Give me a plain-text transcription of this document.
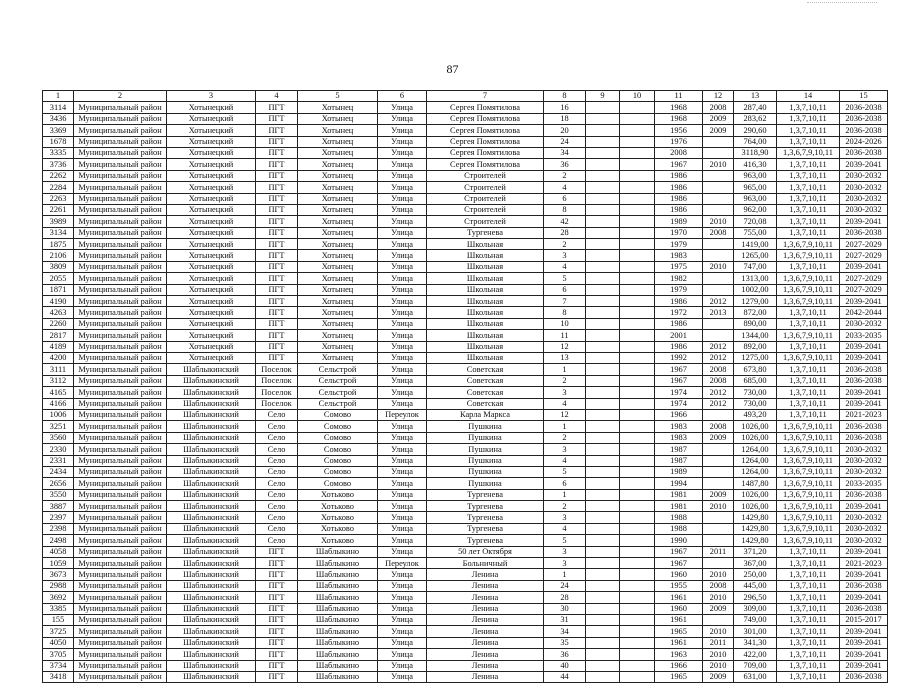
87
1	2	3	4	5	6	7	8	9	10	11	12	13	14	15
3114	Муниципальный район	Хотынецкий	ПГТ	Хотынец	Улица	Сергея Помятилова	16			1968	2008	287,40	1,3,7,10,11	2036-2038
3436	Муниципальный район	Хотынецкий	ПГТ	Хотынец	Улица	Сергея Помятилова	18			1968	2009	283,62	1,3,7,10,11	2036-2038
3369	Муниципальный район	Хотынецкий	ПГТ	Хотынец	Улица	Сергея Помятилова	20			1956	2009	290,60	1,3,7,10,11	2036-2038
1678	Муниципальный район	Хотынецкий	ПГТ	Хотынец	Улица	Сергея Помятилова	24			1976		764,00	1,3,7,10,11	2024-2026
3335	Муниципальный район	Хотынецкий	ПГТ	Хотынец	Улица	Сергея Помятилова	34			2008		3118,90	1,3,6,7,9,10,11	2036-2038
3736	Муниципальный район	Хотынецкий	ПГТ	Хотынец	Улица	Сергея Помятилова	36			1967	2010	416,30	1,3,7,10,11	2039-2041
2262	Муниципальный район	Хотынецкий	ПГТ	Хотынец	Улица	Строителей	2			1986		963,00	1,3,7,10,11	2030-2032
2284	Муниципальный район	Хотынецкий	ПГТ	Хотынец	Улица	Строителей	4			1986		965,00	1,3,7,10,11	2030-2032
2263	Муниципальный район	Хотынецкий	ПГТ	Хотынец	Улица	Строителей	6			1986		963,00	1,3,7,10,11	2030-2032
2261	Муниципальный район	Хотынецкий	ПГТ	Хотынец	Улица	Строителей	8			1986		962,00	1,3,7,10,11	2030-2032
3989	Муниципальный район	Хотынецкий	ПГТ	Хотынец	Улица	Строителей	42			1989	2010	720,08	1,3,7,10,11	2039-2041
3134	Муниципальный район	Хотынецкий	ПГТ	Хотынец	Улица	Тургенева	28			1970	2008	755,00	1,3,7,10,11	2036-2038
1875	Муниципальный район	Хотынецкий	ПГТ	Хотынец	Улица	Школьная	2			1979		1419,00	1,3,6,7,9,10,11	2027-2029
2106	Муниципальный район	Хотынецкий	ПГТ	Хотынец	Улица	Школьная	3			1983		1265,00	1,3,6,7,9,10,11	2027-2029
3809	Муниципальный район	Хотынецкий	ПГТ	Хотынец	Улица	Школьная	4			1975	2010	747,00	1,3,7,10,11	2039-2041
2055	Муниципальный район	Хотынецкий	ПГТ	Хотынец	Улица	Школьная	5			1982		1313,00	1,3,6,7,9,10,11	2027-2029
1871	Муниципальный район	Хотынецкий	ПГТ	Хотынец	Улица	Школьная	6			1979		1002,00	1,3,6,7,9,10,11	2027-2029
4190	Муниципальный район	Хотынецкий	ПГТ	Хотынец	Улица	Школьная	7			1986	2012	1279,00	1,3,6,7,9,10,11	2039-2041
4263	Муниципальный район	Хотынецкий	ПГТ	Хотынец	Улица	Школьная	8			1972	2013	872,00	1,3,7,10,11	2042-2044
2260	Муниципальный район	Хотынецкий	ПГТ	Хотынец	Улица	Школьная	10			1986		890,00	1,3,7,10,11	2030-2032
2817	Муниципальный район	Хотынецкий	ПГТ	Хотынец	Улица	Школьная	11			2001		1344,00	1,3,6,7,9,10,11	2033-2035
4189	Муниципальный район	Хотынецкий	ПГТ	Хотынец	Улица	Школьная	12			1986	2012	892,00	1,3,7,10,11	2039-2041
4200	Муниципальный район	Хотынецкий	ПГТ	Хотынец	Улица	Школьная	13			1992	2012	1275,00	1,3,6,7,9,10,11	2039-2041
3111	Муниципальный район	Шаблыкинский	Поселок	Сельстрой	Улица	Советская	1			1967	2008	673,80	1,3,7,10,11	2036-2038
3112	Муниципальный район	Шаблыкинский	Поселок	Сельстрой	Улица	Советская	2			1967	2008	685,00	1,3,7,10,11	2036-2038
4165	Муниципальный район	Шаблыкинский	Поселок	Сельстрой	Улица	Советская	3			1974	2012	730,00	1,3,7,10,11	2039-2041
4166	Муниципальный район	Шаблыкинский	Поселок	Сельстрой	Улица	Советская	4			1974	2012	730,00	1,3,7,10,11	2039-2041
1006	Муниципальный район	Шаблыкинский	Село	Сомово	Переулок	Карла Маркса	12			1966		493,20	1,3,7,10,11	2021-2023
3251	Муниципальный район	Шаблыкинский	Село	Сомово	Улица	Пушкина	1			1983	2008	1026,00	1,3,6,7,9,10,11	2036-2038
3560	Муниципальный район	Шаблыкинский	Село	Сомово	Улица	Пушкина	2			1983	2009	1026,00	1,3,6,7,9,10,11	2036-2038
2330	Муниципальный район	Шаблыкинский	Село	Сомово	Улица	Пушкина	3			1987		1264,00	1,3,6,7,9,10,11	2030-2032
2331	Муниципальный район	Шаблыкинский	Село	Сомово	Улица	Пушкина	4			1987		1264,00	1,3,6,7,9,10,11	2030-2032
2434	Муниципальный район	Шаблыкинский	Село	Сомово	Улица	Пушкина	5			1989		1264,00	1,3,6,7,9,10,11	2030-2032
2656	Муниципальный район	Шаблыкинский	Село	Сомово	Улица	Пушкина	6			1994		1487,80	1,3,6,7,9,10,11	2033-2035
3550	Муниципальный район	Шаблыкинский	Село	Хотьково	Улица	Тургенева	1			1981	2009	1026,00	1,3,6,7,9,10,11	2036-2038
3887	Муниципальный район	Шаблыкинский	Село	Хотьково	Улица	Тургенева	2			1981	2010	1026,00	1,3,6,7,9,10,11	2039-2041
2397	Муниципальный район	Шаблыкинский	Село	Хотьково	Улица	Тургенева	3			1988		1429,80	1,3,6,7,9,10,11	2030-2032
2398	Муниципальный район	Шаблыкинский	Село	Хотьково	Улица	Тургенева	4			1988		1429,80	1,3,6,7,9,10,11	2030-2032
2498	Муниципальный район	Шаблыкинский	Село	Хотьково	Улица	Тургенева	5			1990		1429,80	1,3,6,7,9,10,11	2030-2032
4058	Муниципальный район	Шаблыкинский	ПГТ	Шаблыкино	Улица	50 лет Октября	3			1967	2011	371,20	1,3,7,10,11	2039-2041
1059	Муниципальный район	Шаблыкинский	ПГТ	Шаблыкино	Переулок	Больничный	3			1967		367,00	1,3,7,10,11	2021-2023
3673	Муниципальный район	Шаблыкинский	ПГТ	Шаблыкино	Улица	Ленина	1			1960	2010	250,00	1,3,7,10,11	2039-2041
2988	Муниципальный район	Шаблыкинский	ПГТ	Шаблыкино	Улица	Ленина	24			1955	2008	445,00	1,3,7,10,11	2036-2038
3692	Муниципальный район	Шаблыкинский	ПГТ	Шаблыкино	Улица	Ленина	28			1961	2010	296,50	1,3,7,10,11	2039-2041
3385	Муниципальный район	Шаблыкинский	ПГТ	Шаблыкино	Улица	Ленина	30			1960	2009	309,00	1,3,7,10,11	2036-2038
155	Муниципальный район	Шаблыкинский	ПГТ	Шаблыкино	Улица	Ленина	31			1961		749,00	1,3,7,10,11	2015-2017
3725	Муниципальный район	Шаблыкинский	ПГТ	Шаблыкино	Улица	Ленина	34			1965	2010	301,00	1,3,7,10,11	2039-2041
4050	Муниципальный район	Шаблыкинский	ПГТ	Шаблыкино	Улица	Ленина	35			1961	2011	341,30	1,3,7,10,11	2039-2041
3705	Муниципальный район	Шаблыкинский	ПГТ	Шаблыкино	Улица	Ленина	36			1963	2010	422,00	1,3,7,10,11	2039-2041
3734	Муниципальный район	Шаблыкинский	ПГТ	Шаблыкино	Улица	Ленина	40			1966	2010	709,00	1,3,7,10,11	2039-2041
3418	Муниципальный район	Шаблыкинский	ПГТ	Шаблыкино	Улица	Ленина	44			1965	2009	631,00	1,3,7,10,11	2036-2038
